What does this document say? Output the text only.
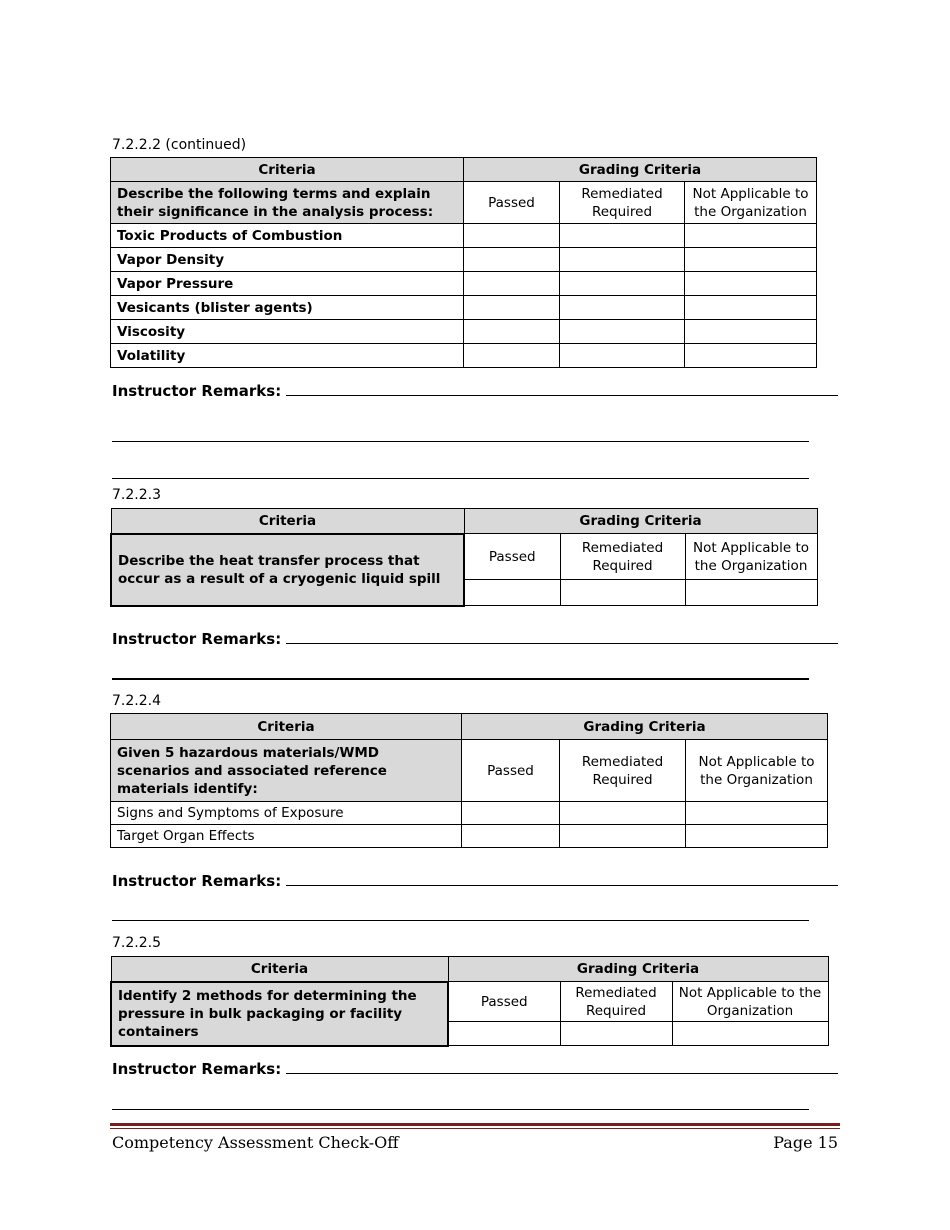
7.2.2.2 (continued)
Criteria	Grading Criteria		
Describe the following terms and explain their significance in the analysis process:	Passed	Remediated Required	Not Applicable to the Organization
Toxic Products of Combustion			
Vapor Density			
Vapor Pressure			
Vesicants (blister agents)			
Viscosity			
Volatility			
Instructor Remarks:
7.2.2.3
Criteria	Grading Criteria		
Describe the heat transfer process that occur as a result of a cryogenic liquid spill	Passed	Remediated Required	Not Applicable to the Organization

Instructor Remarks:
7.2.2.4
Criteria	Grading Criteria		
Given 5 hazardous materials/WMD scenarios and associated reference materials identify:	Passed	Remediated Required	Not Applicable to the Organization
Signs and Symptoms of Exposure			
Target Organ Effects			
Instructor Remarks:
7.2.2.5
Criteria	Grading Criteria		
Identify 2 methods for determining the pressure in bulk packaging or facility containers	Passed	Remediated Required	Not Applicable to the Organization

Instructor Remarks:
Competency Assessment Check-Off	Page 15
